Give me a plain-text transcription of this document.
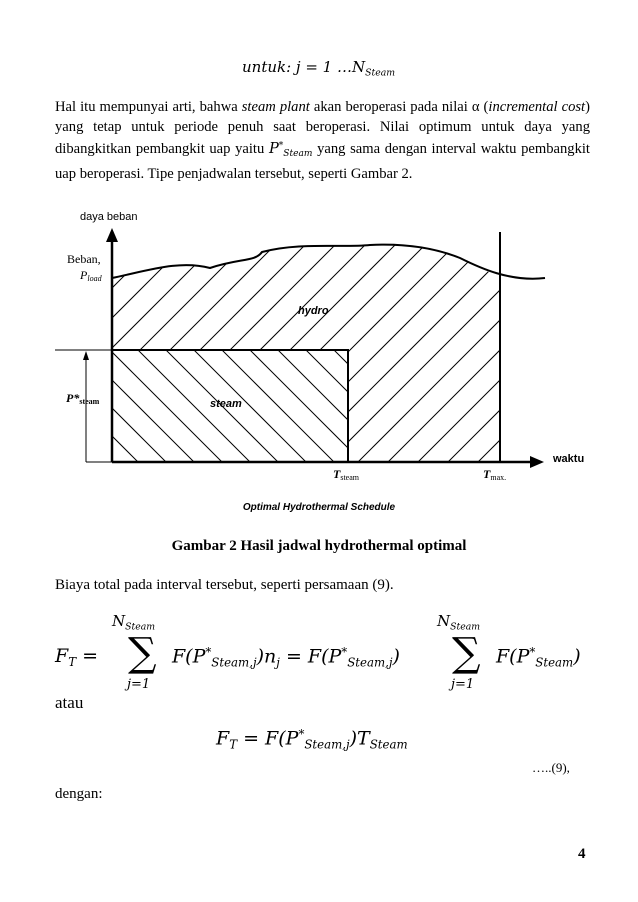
untuk: j = 1 $\dots N_{Steam}$
Hal itu mempunyai arti, bahwa steam plant akan beroperasi pada nilai α (incremental cost) yang tetap untuk periode penuh saat beroperasi. Nilai optimum untuk daya yang dibangkitkan pembangkit uap yaitu $P^*_{Steam}$ yang sama dengan interval waktu pembangkit uap beroperasi. Tipe penjadwalan tersebut, seperti Gambar 2.
daya beban
waktu
Beban,
Pload
P*steam
Tsteam	Tmax.
hydro
steam
Optimal Hydrothermal Schedule
Gambar 2 Hasil jadwal hydrothermal optimal
Biaya total pada interval tersebut, seperti persamaan (9).
$F_T$ =
$N_{Steam}$
∑
j=1
$F(P^*_{Steam,j})n_j = F(P^*_{Steam,j})$
$N_{Steam}$
∑
j=1
$F(P^*_{Steam})$
atau
$F_T = F(P^*_{Steam,j})T_{Steam}$
…..(9),
dengan:
4
